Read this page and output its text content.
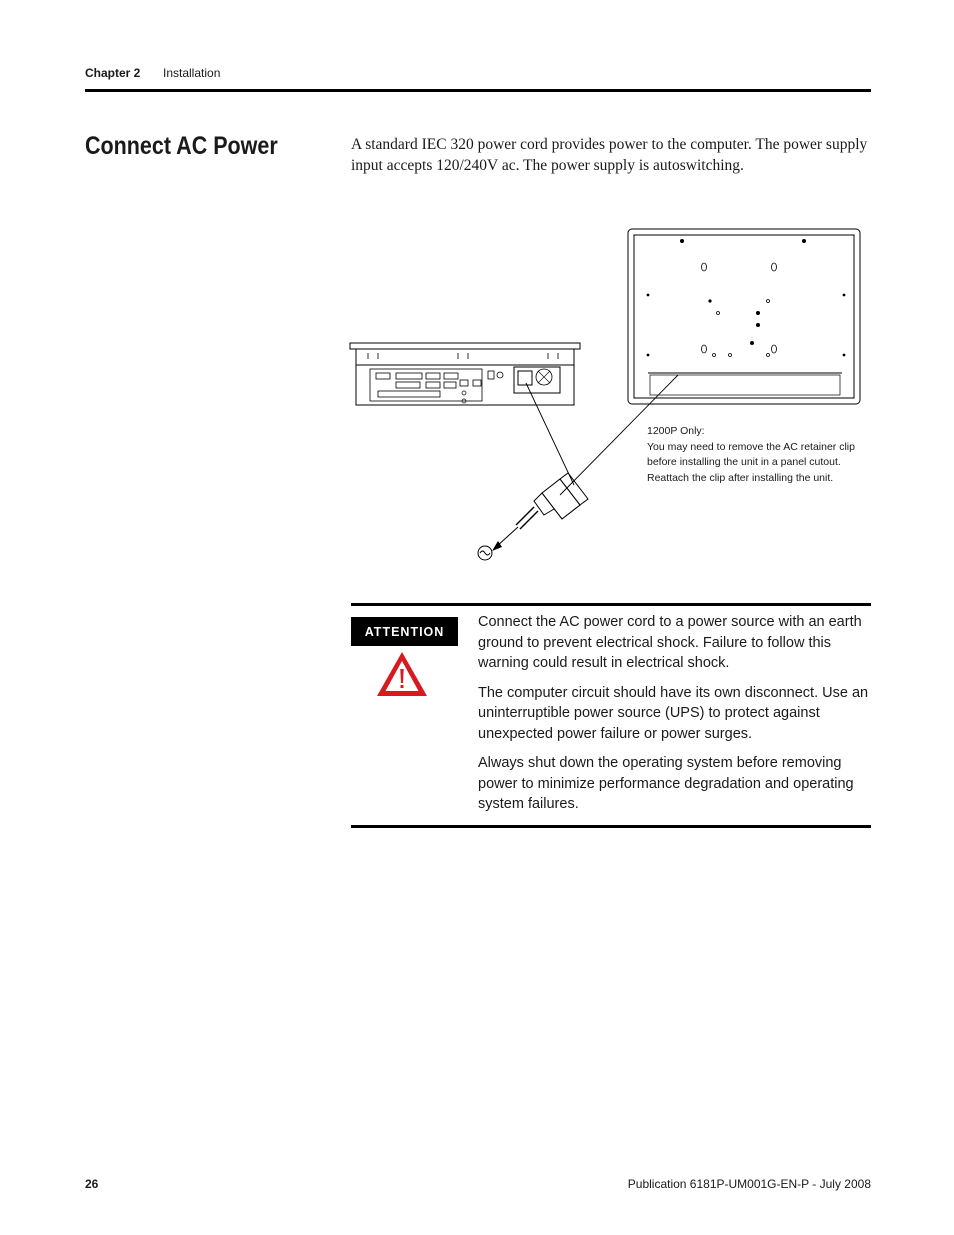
Chapter 2 Installation
Connect AC Power	A standard IEC 320 power cord provides power to the computer. The power supply input accepts 120/240V ac. The power supply is autoswitching.
1200P Only:
You may need to remove the AC retainer clip
before installing the unit in a panel cutout.
Reattach the clip after installing the unit.
ATTENTION

Connect the AC power cord to a power source with an earth ground to prevent electrical shock. Failure to follow this warning could result in electrical shock.

The computer circuit should have its own disconnect. Use an uninterruptible power source (UPS) to protect against unexpected power failure or power surges.

Always shut down the operating system before removing power to minimize performance degradation and operating system failures.

26	Publication 6181P-UM001G-EN-P - July 2008
